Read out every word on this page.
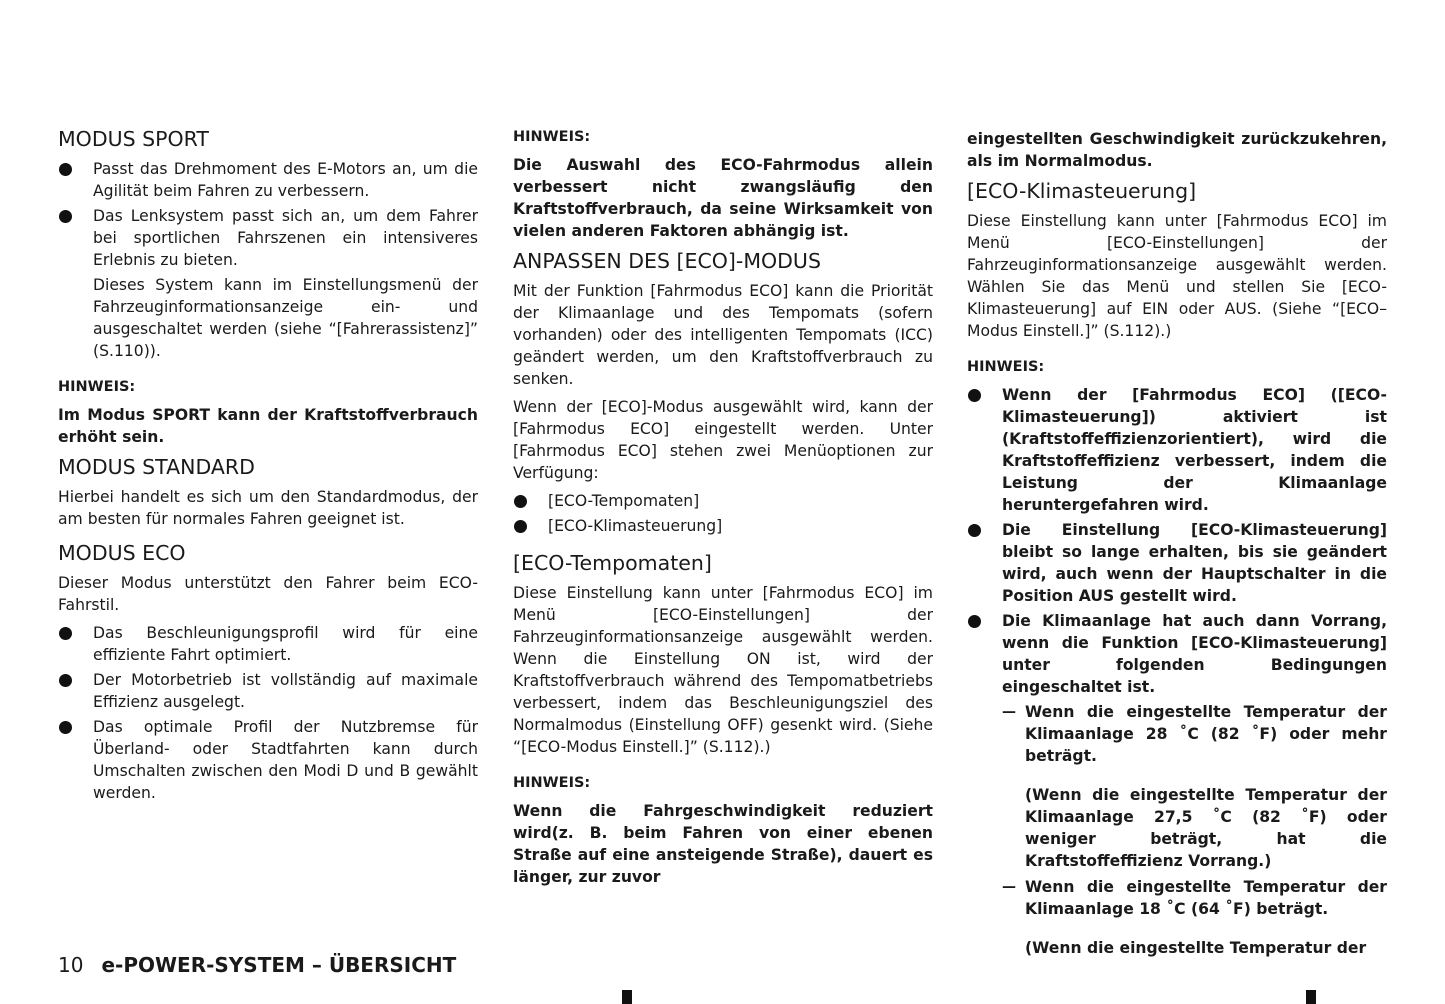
MODUS SPORT
Passt das Drehmoment des E-Motors an, um die Agilität beim Fahren zu verbessern.
Das Lenksystem passt sich an, um dem Fahrer bei sportlichen Fahrszenen ein intensiveres Erlebnis zu bieten.

Dieses System kann im Einstellungsmenü der Fahrzeuginformationsanzeige ein- und ausgeschaltet werden (siehe “[Fahrerassistenz]” (S.110)).

HINWEIS:

Im Modus SPORT kann der Kraftstoffverbrauch erhöht sein.

MODUS STANDARD

Hierbei handelt es sich um den Standardmodus, der am besten für normales Fahren geeignet ist.

MODUS ECO

Dieser Modus unterstützt den Fahrer beim ECO-Fahrstil.

Das Beschleunigungsprofil wird für eine effiziente Fahrt optimiert.
Der Motorbetrieb ist vollständig auf maximale Effizienz ausgelegt.
Das optimale Profil der Nutzbremse für Überland- oder Stadtfahrten kann durch Umschalten zwischen den Modi D und B gewählt werden.
HINWEIS:

Die Auswahl des ECO-Fahrmodus allein verbessert nicht zwangsläufig den Kraftstoffverbrauch, da seine Wirksamkeit von vielen anderen Faktoren abhängig ist.

ANPASSEN DES [ECO]-MODUS

Mit der Funktion [Fahrmodus ECO] kann die Priorität der Klimaanlage und des Tempomats (sofern vorhanden) oder des intelligenten Tempomats (ICC) geändert werden, um den Kraftstoffverbrauch zu senken.

Wenn der [ECO]-Modus ausgewählt wird, kann der [Fahrmodus ECO] eingestellt werden. Unter [Fahrmodus ECO] stehen zwei Menüoptionen zur Verfügung:

[ECO-Tempomaten]
[ECO-Klimasteuerung]
[ECO-Tempomaten]

Diese Einstellung kann unter [Fahrmodus ECO] im Menü [ECO-Einstellungen] der Fahrzeuginformationsanzeige ausgewählt werden. Wenn die Einstellung ON ist, wird der Kraftstoffverbrauch während des Tempomatbetriebs verbessert, indem das Beschleunigungsziel des Normalmodus (Einstellung OFF) gesenkt wird. (Siehe “[ECO-Modus Einstell.]” (S.112).)

HINWEIS:

Wenn die Fahrgeschwindigkeit reduziert wird(z. B. beim Fahren von einer ebenen Straße auf eine ansteigende Straße), dauert es länger, zur zuvor

eingestellten Geschwindigkeit zurückzukehren, als im Normalmodus.

[ECO-Klimasteuerung]

Diese Einstellung kann unter [Fahrmodus ECO] im Menü [ECO-Einstellungen] der Fahrzeuginformationsanzeige ausgewählt werden. Wählen Sie das Menü und stellen Sie [ECO-Klimasteuerung] auf EIN oder AUS. (Siehe “[ECO–Modus Einstell.]” (S.112).)

HINWEIS:
Wenn der [Fahrmodus ECO] ([ECO-Klimasteuerung]) aktiviert ist (Kraftstoffeffizienzorientiert), wird die Kraftstoffeffizienz verbessert, indem die Leistung der Klimaanlage heruntergefahren wird.
Die Einstellung [ECO-Klimasteuerung] bleibt so lange erhalten, bis sie geändert wird, auch wenn der Hauptschalter in die Position AUS gestellt wird.
Die Klimaanlage hat auch dann Vorrang, wenn die Funktion [ECO-Klimasteuerung] unter folgenden Bedingungen eingeschaltet ist.
— Wenn die eingestellte Temperatur der Klimaanlage 28 ˚C (82 ˚F) oder mehr beträgt.

(Wenn die eingestellte Temperatur der Klimaanlage 27,5 ˚C (82 ˚F) oder weniger beträgt, hat die Kraftstoffeffizienz Vorrang.)

— Wenn die eingestellte Temperatur der Klimaanlage 18 ˚C (64 ˚F) beträgt.

(Wenn die eingestellte Temperatur der

10 e-POWER-SYSTEM – ÜBERSICHT
